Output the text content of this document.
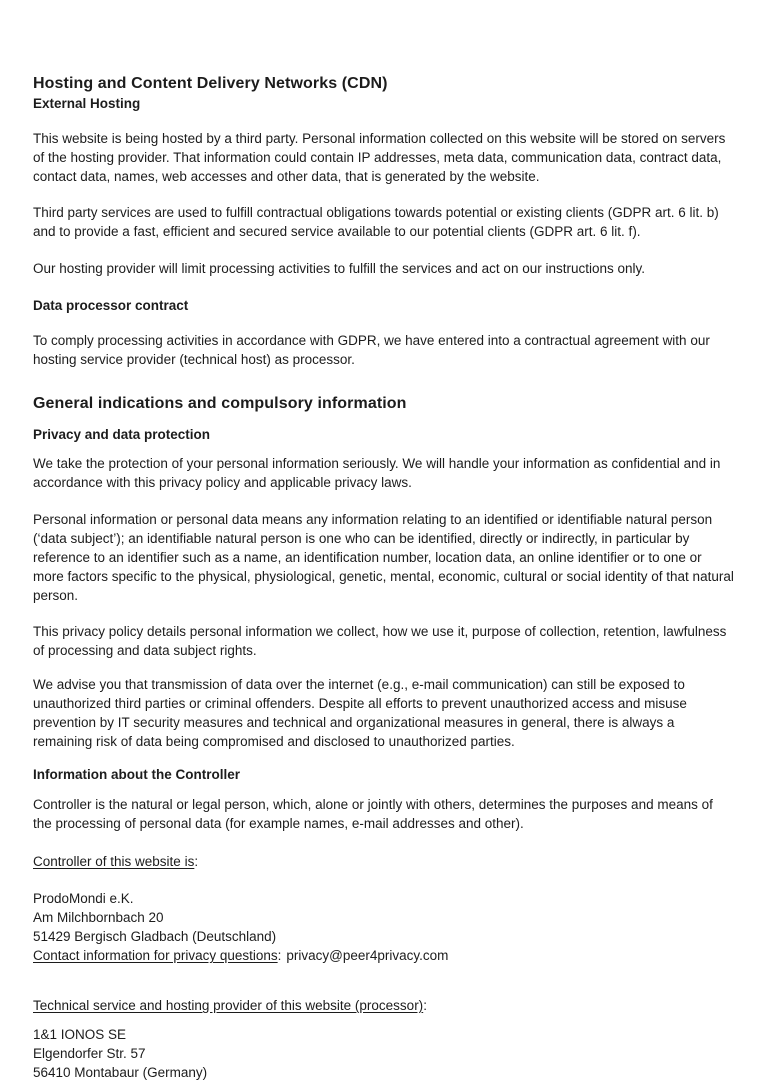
Hosting and Content Delivery Networks (CDN)
External Hosting

This website is being hosted by a third party. Personal information collected on this website will be stored on servers of the hosting provider. That information could contain IP addresses, meta data, communication data, contract data, contact data, names, web accesses and other data, that is generated by the website.

Third party services are used to fulfill contractual obligations towards potential or existing clients (GDPR art. 6 lit. b) and to provide a fast, efficient and secured service available to our potential clients (GDPR art. 6 lit. f).

Our hosting provider will limit processing activities to fulfill the services and act on our instructions only.

Data processor contract

To comply processing activities in accordance with GDPR, we have entered into a contractual agreement with our hosting service provider (technical host) as processor.

General indications and compulsory information
Privacy and data protection

We take the protection of your personal information seriously. We will handle your information as confidential and in accordance with this privacy policy and applicable privacy laws.

Personal information or personal data means any information relating to an identified or identifiable natural person (‘data subject’); an identifiable natural person is one who can be identified, directly or indirectly, in particular by reference to an identifier such as a name, an identification number, location data, an online identifier or to one or more factors specific to the physical, physiological, genetic, mental, economic, cultural or social identity of that natural person.

This privacy policy details personal information we collect, how we use it, purpose of collection, retention, lawfulness of processing and data subject rights.

We advise you that transmission of data over the internet (e.g., e-mail communication) can still be exposed to unauthorized third parties or criminal offenders. Despite all efforts to prevent unauthorized access and misuse prevention by IT security measures and technical and organizational measures in general, there is always a remaining risk of data being compromised and disclosed to unauthorized parties.

Information about the Controller

Controller is the natural or legal person, which, alone or jointly with others, determines the purposes and means of the processing of personal data (for example names, e-mail addresses and other).

Controller of this website is:

ProdoMondi e.K.
Am Milchbornbach 20
51429 Bergisch Gladbach (Deutschland)
Contact information for privacy questions: privacy@peer4privacy.com

Technical service and hosting provider of this website (processor):

1&1 IONOS SE
Elgendorfer Str. 57
56410 Montabaur (Germany)
